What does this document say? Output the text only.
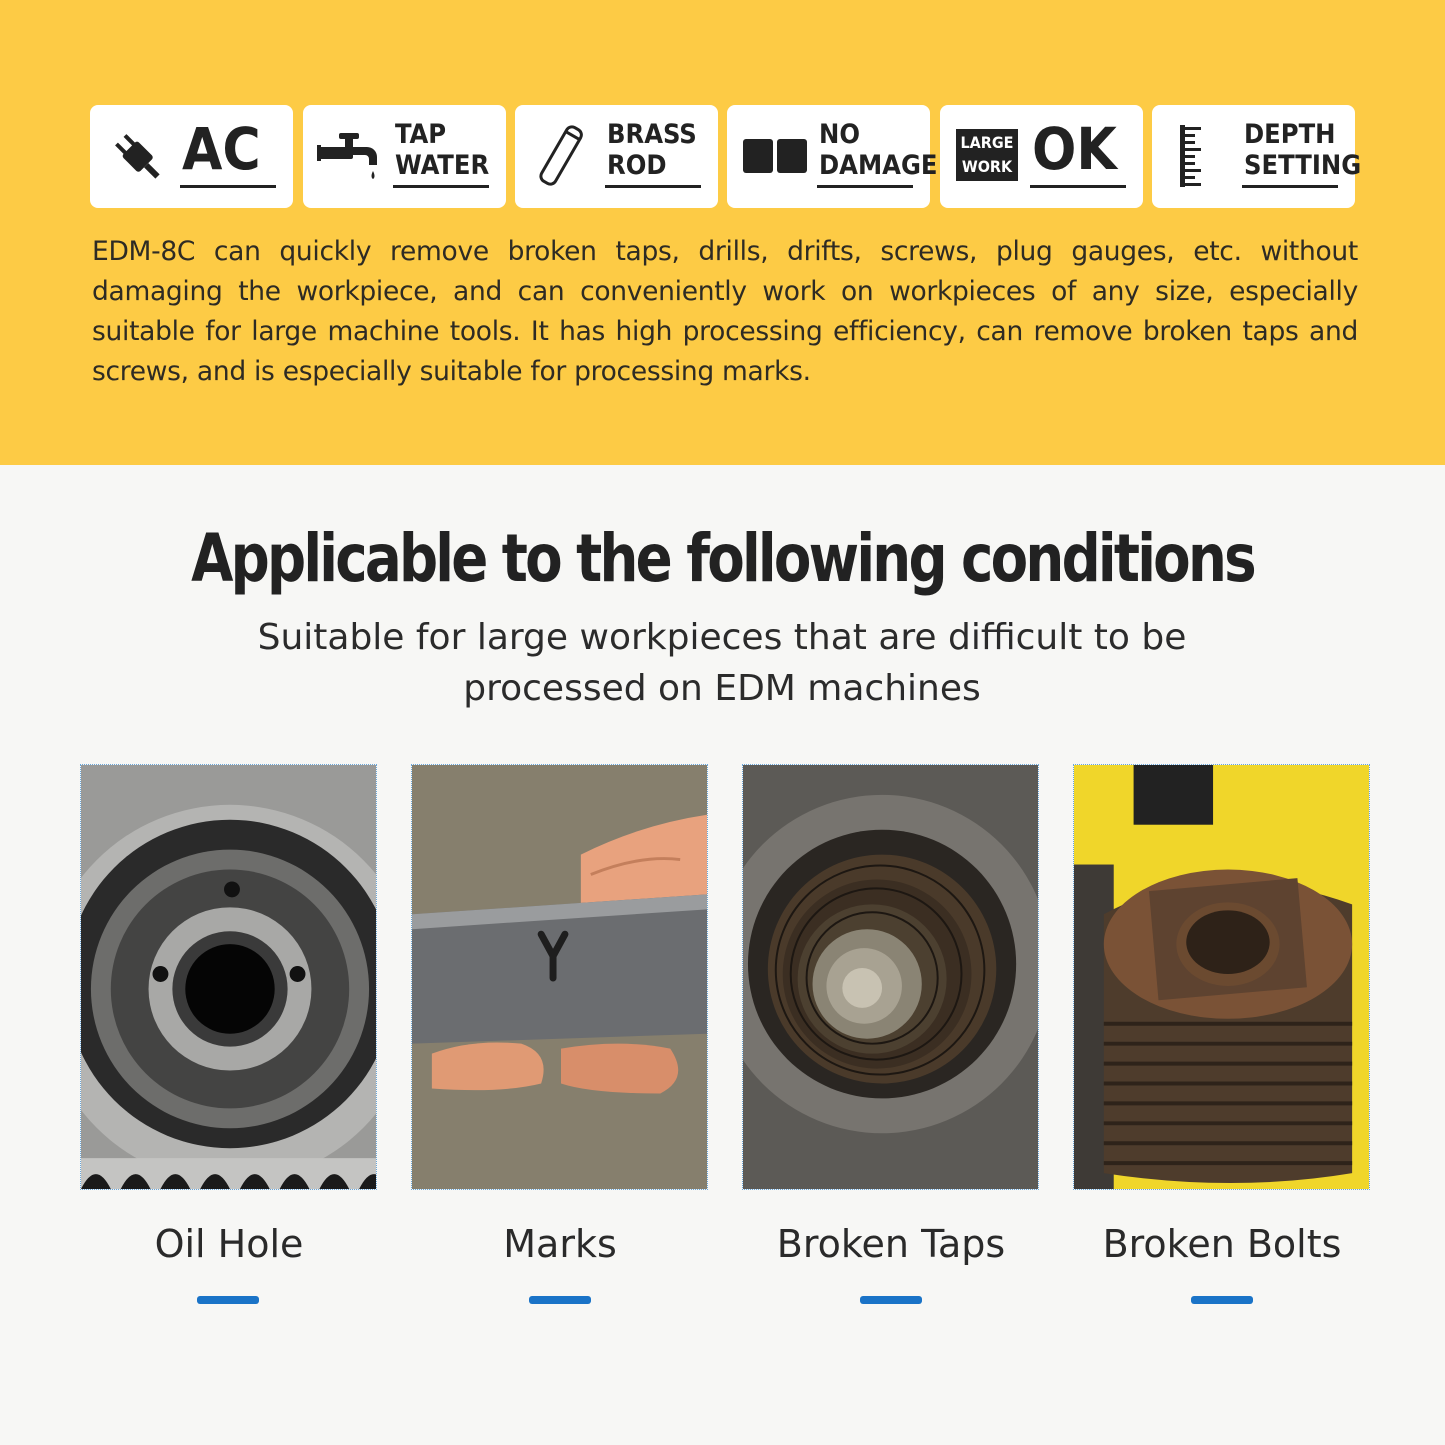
AC	TAP
WATER
BRASS
ROD
NO
DAMAGE
LARGE
WORK OK	DEPTH
SETTING

EDM-8C can quickly remove broken taps, drills, drifts, screws, plug gauges, etc. without damaging the workpiece, and can conveniently work on workpieces of any size, especially suitable for large machine tools. It has high processing efficiency, can remove broken taps and screws, and is especially suitable for processing marks.

Applicable to the following conditions
Suitable for large workpieces that are difficult to be
processed on EDM machines
Oil Hole	Marks	Broken Taps	Broken Bolts
